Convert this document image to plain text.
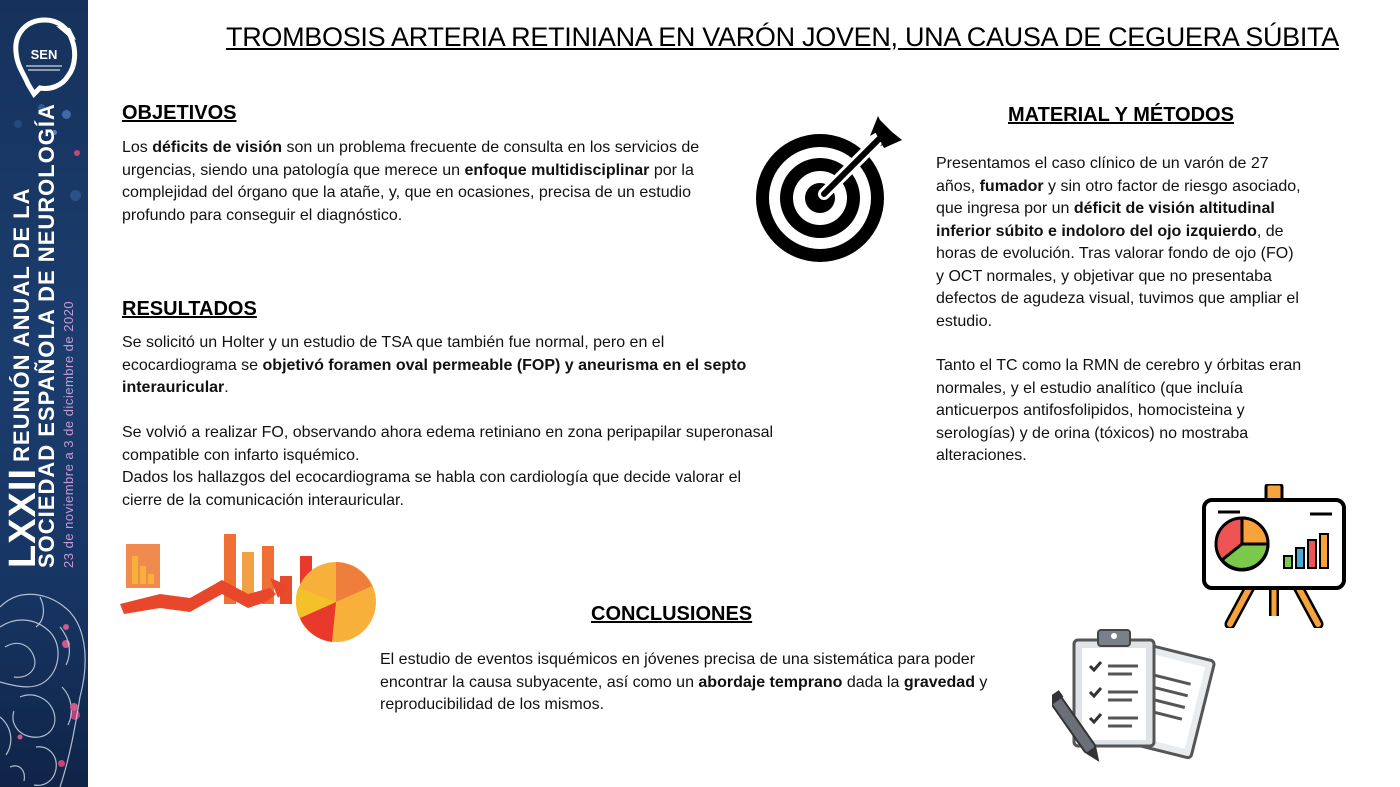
SEN
LXXIIREUNIÓN ANUAL DE LA SOCIEDAD ESPAÑOLA DE NEUROLOGÍA 23 de noviembre a 3 de diciembre de 2020
TROMBOSIS ARTERIA RETINIANA EN VARÓN JOVEN, UNA CAUSA DE CEGUERA SÚBITA
OBJETIVOS
Los déficits de visión son un problema frecuente de consulta en los servicios de urgencias, siendo una patología que merece un enfoque multidisciplinar por la complejidad del órgano que la atañe, y, que en ocasiones, precisa de un estudio profundo para conseguir el diagnóstico.
MATERIAL Y MÉTODOS
Presentamos el caso clínico de un varón de 27 años, fumador y sin otro factor de riesgo asociado, que ingresa por un déficit de visión altitudinal inferior súbito e indoloro del ojo izquierdo, de horas de evolución. Tras valorar fondo de ojo (FO) y OCT normales, y objetivar que no presentaba defectos de agudeza visual, tuvimos que ampliar el estudio.
Tanto el TC como la RMN de cerebro y órbitas eran normales, y el estudio analítico (que incluía anticuerpos antifosfolipidos, homocisteina y serologías) y de orina (tóxicos) no mostraba alteraciones.
RESULTADOS
Se solicitó un Holter y un estudio de TSA que también fue normal, pero en el ecocardiograma se objetivó foramen oval permeable (FOP) y aneurisma en el septo interauricular.
Se volvió a realizar FO, observando ahora edema retiniano en zona peripapilar superonasal compatible con infarto isquémico.
Dados los hallazgos del ecocardiograma se habla con cardiología que decide valorar el cierre de la comunicación interauricular.
CONCLUSIONES
El estudio de eventos isquémicos en jóvenes precisa de una sistemática para poder encontrar la causa subyacente, así como un abordaje temprano dada la gravedad y reproducibilidad de los mismos.
